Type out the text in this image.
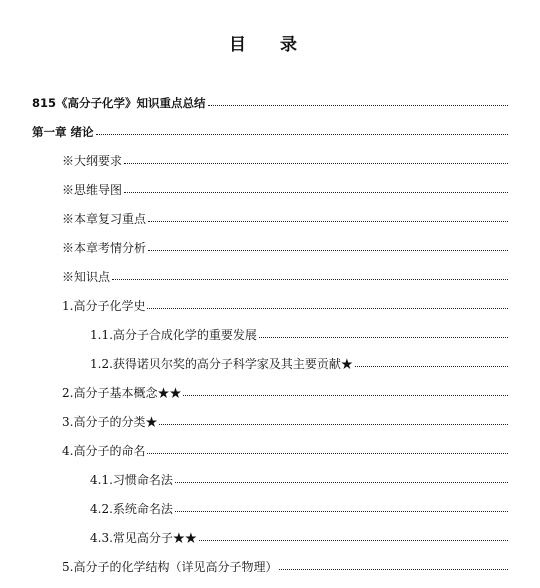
目 录
815《高分子化学》知识重点总结
第一章 绪论
※大纲要求
※思维导图
※本章复习重点
※本章考情分析
※知识点
1.高分子化学史
1.1.高分子合成化学的重要发展
1.2.获得诺贝尔奖的高分子科学家及其主要贡献★
2.高分子基本概念★★
3.高分子的分类★
4.高分子的命名
4.1.习惯命名法
4.2.系统命名法
4.3.常见高分子★★
5.高分子的化学结构（详见高分子物理）
